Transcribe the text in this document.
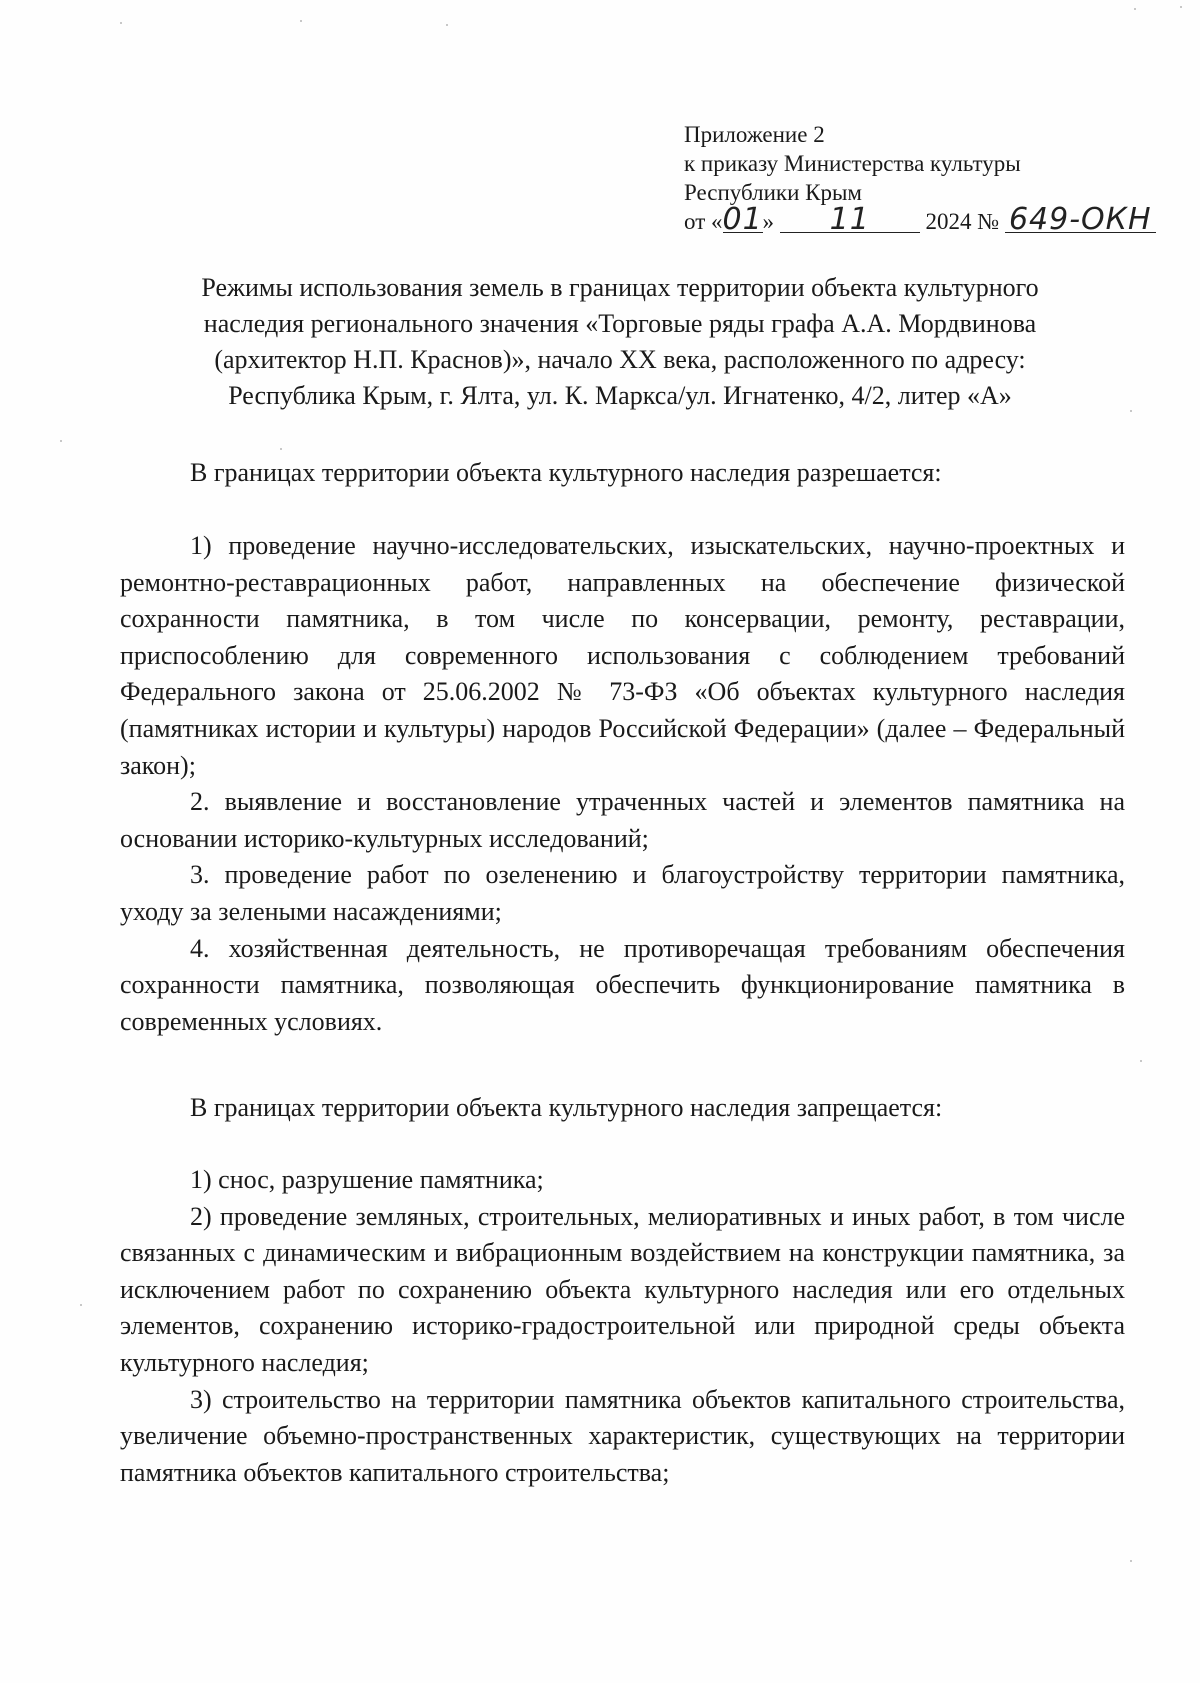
Приложение 2
к приказу Министерства культуры
Республики Крым
от «01» 11 2024 № 649-ОКН
Режимы использования земель в границах территории объекта культурного
наследия регионального значения «Торговые ряды графа А.А. Мордвинова
(архитектор Н.П. Краснов)», начало XX века, расположенного по адресу:
Республика Крым, г. Ялта, ул. К. Маркса/ул. Игнатенко, 4/2, литер «А»
В границах территории объекта культурного наследия разрешается:

1) проведение научно-исследовательских, изыскательских, научно-проектных и ремонтно-реставрационных работ, направленных на обеспечение физической сохранности памятника, в том числе по консервации, ремонту, реставрации, приспособлению для современного использования с соблюдением требований Федерального закона от 25.06.2002 № 73-ФЗ «Об объектах культурного наследия (памятниках истории и культуры) народов Российской Федерации» (далее – Федеральный закон);

2. выявление и восстановление утраченных частей и элементов памятника на основании историко-культурных исследований;

3. проведение работ по озеленению и благоустройству территории памятника, уходу за зелеными насаждениями;

4. хозяйственная деятельность, не противоречащая требованиям обеспечения сохранности памятника, позволяющая обеспечить функционирование памятника в современных условиях.

В границах территории объекта культурного наследия запрещается:

1) снос, разрушение памятника;

2) проведение земляных, строительных, мелиоративных и иных работ, в том числе связанных с динамическим и вибрационным воздействием на конструкции памятника, за исключением работ по сохранению объекта культурного наследия или его отдельных элементов, сохранению историко-градостроительной или природной среды объекта культурного наследия;

3) строительство на территории памятника объектов капитального строительства, увеличение объемно-пространственных характеристик, существующих на территории памятника объектов капитального строительства;
